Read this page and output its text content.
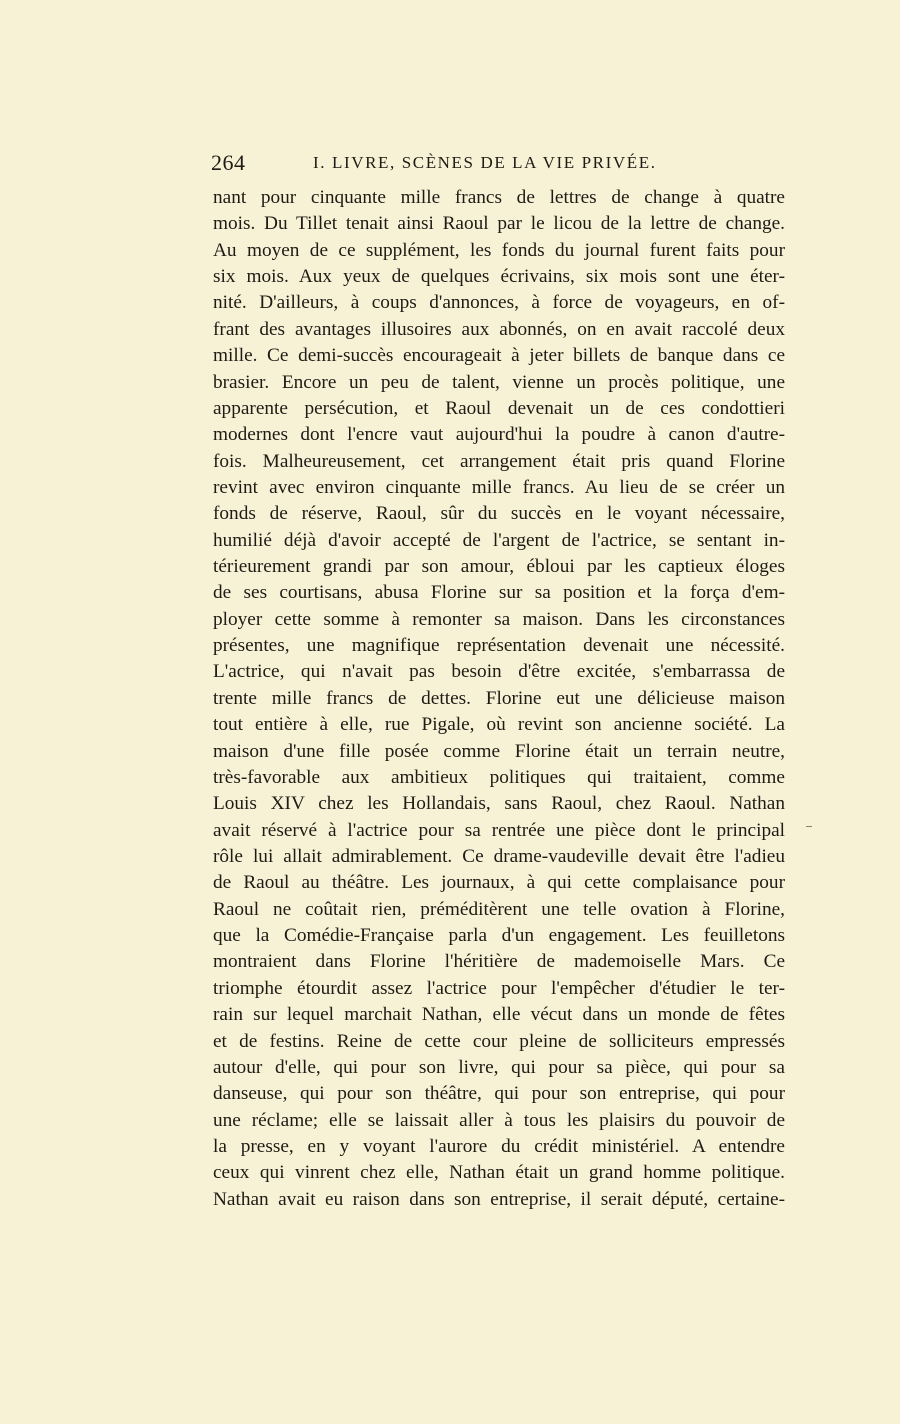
264	I. LIVRE, SCÈNES DE LA VIE PRIVÉE.
nant pour cinquante mille francs de lettres de change à quatre
mois. Du Tillet tenait ainsi Raoul par le licou de la lettre de change.
Au moyen de ce supplément, les fonds du journal furent faits pour
six mois. Aux yeux de quelques écrivains, six mois sont une éter-
nité. D'ailleurs, à coups d'annonces, à force de voyageurs, en of-
frant des avantages illusoires aux abonnés, on en avait raccolé deux
mille. Ce demi-succès encourageait à jeter billets de banque dans ce
brasier. Encore un peu de talent, vienne un procès politique, une
apparente persécution, et Raoul devenait un de ces condottieri
modernes dont l'encre vaut aujourd'hui la poudre à canon d'autre-
fois. Malheureusement, cet arrangement était pris quand Florine
revint avec environ cinquante mille francs. Au lieu de se créer un
fonds de réserve, Raoul, sûr du succès en le voyant nécessaire,
humilié déjà d'avoir accepté de l'argent de l'actrice, se sentant in-
térieurement grandi par son amour, ébloui par les captieux éloges
de ses courtisans, abusa Florine sur sa position et la força d'em-
ployer cette somme à remonter sa maison. Dans les circonstances
présentes, une magnifique représentation devenait une nécessité.
L'actrice, qui n'avait pas besoin d'être excitée, s'embarrassa de
trente mille francs de dettes. Florine eut une délicieuse maison
tout entière à elle, rue Pigale, où revint son ancienne société. La
maison d'une fille posée comme Florine était un terrain neutre,
très-favorable aux ambitieux politiques qui traitaient, comme
Louis XIV chez les Hollandais, sans Raoul, chez Raoul. Nathan
avait réservé à l'actrice pour sa rentrée une pièce dont le principal
rôle lui allait admirablement. Ce drame-vaudeville devait être l'adieu
de Raoul au théâtre. Les journaux, à qui cette complaisance pour
Raoul ne coûtait rien, préméditèrent une telle ovation à Florine,
que la Comédie-Française parla d'un engagement. Les feuilletons
montraient dans Florine l'héritière de mademoiselle Mars. Ce
triomphe étourdit assez l'actrice pour l'empêcher d'étudier le ter-
rain sur lequel marchait Nathan, elle vécut dans un monde de fêtes
et de festins. Reine de cette cour pleine de solliciteurs empressés
autour d'elle, qui pour son livre, qui pour sa pièce, qui pour sa
danseuse, qui pour son théâtre, qui pour son entreprise, qui pour
une réclame; elle se laissait aller à tous les plaisirs du pouvoir de
la presse, en y voyant l'aurore du crédit ministériel. A entendre
ceux qui vinrent chez elle, Nathan était un grand homme politique.
Nathan avait eu raison dans son entreprise, il serait député, certaine-
